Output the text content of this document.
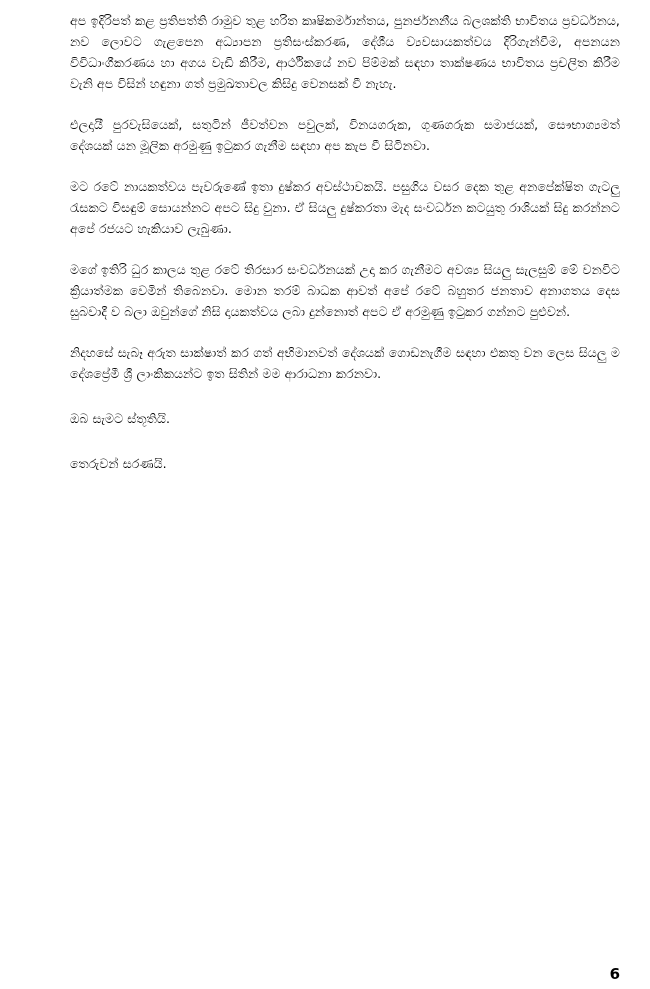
අප ඉදිරිපත් කළ ප්‍රතිපත්ති රාමුව තුළ හරිත කෘෂිකර්මාන්තය, පුනර්ජනනීය බලශක්ති භාවිතය ප්‍රවර්ධනය, නව ලොවට ගැළපෙන අධ්‍යාපන ප්‍රතිසංස්කරණ, දේශීය ව්‍යවසායකත්වය දිරිගැන්වීම, අපනයන විවිධාංගීකරණය හා අගය වැඩි කිරීම, ආර්ථිකයේ නව පිම්මක් සඳහා තාක්ෂණය භාවිතය ප්‍රචලිත කිරීම වැනි අප විසින් හඳුනා ගත් ප්‍රමුඛතාවල කිසිදු වෙනසක් වී නැහැ.

එලදායී පුරවැසියෙක්, සතුටින් ජීවත්වන පවුලක්, විනයගරුක, ගුණගරුක සමාජයක්, සෞභාග්‍යමත් දේශයක් යන මූලික අරමුණු ඉටුකර ගැනීම සඳහා අප කැප වී සිටිනවා.

මට රටේ නායකත්වය පැවරුණේ ඉතා දුෂ්කර අවස්ථාවකයි. පසුගිය වසර දෙක තුළ අනපේක්ෂිත ගැටලු රැසකට විසඳුම් සොයන්නට අපට සිදු වුනා. ඒ සියලු දුෂ්කරතා මැද සංවර්ධන කටයුතු රාශියක් සිදු කරන්නට අපේ රජයට හැකියාව ලැබුණා.

මගේ ඉතිරි ධුර කාලය තුළ රටේ තිරසාර සංවර්ධනයක් උදා කර ගැනීමට අවශ්‍ය සියලු සැලසුම් මේ වනවිට ක්‍රියාත්මක වෙමින් තිබෙනවා. මොන තරම් බාධක ආවත් අපේ රටේ බහුතර ජනතාව අනාගතය දෙස සුබවාදී ව බලා ඔවුන්ගේ නිසි දායකත්වය ලබා දුන්නොත් අපට ඒ අරමුණු ඉටුකර ගන්නට පුළුවන්.

නිදහසේ සැබෑ අරුත සාක්ෂාත් කර ගත් අභිමානවත් දේශයක් ගොඩනැගීම සඳහා එකතු වන ලෙස සියලු ම දේශප්‍රේමී ශ්‍රී ලාංකිකයන්ට ඉත සිතින් මම ආරාධනා කරනවා.

ඔබ සැමට ස්තූතියි.

තෙරුවන් සරණයි.

6
